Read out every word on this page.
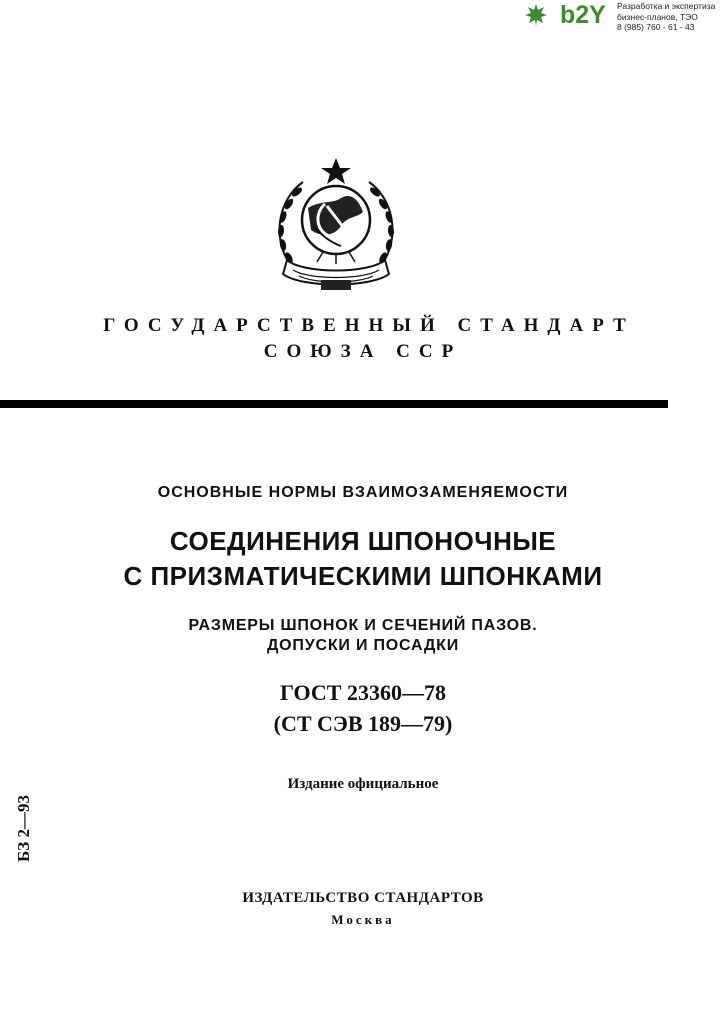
b2Y Разработка и экспертиза
бизнес-планов, ТЭО
8 (985) 760 - 61 - 43
ГОСУДАРСТВЕННЫЙ СТАНДАРТ
СОЮЗА ССР
ОСНОВНЫЕ НОРМЫ ВЗАИМОЗАМЕНЯЕМОСТИ
СОЕДИНЕНИЯ ШПОНОЧНЫЕ
С ПРИЗМАТИЧЕСКИМИ ШПОНКАМИ
РАЗМЕРЫ ШПОНОК И СЕЧЕНИЙ ПАЗОВ.
ДОПУСКИ И ПОСАДКИ
ГОСТ 23360—78
(СТ СЭВ 189—79)
Издание официальное
БЗ 2—93
ИЗДАТЕЛЬСТВО СТАНДАРТОВ
Москва
